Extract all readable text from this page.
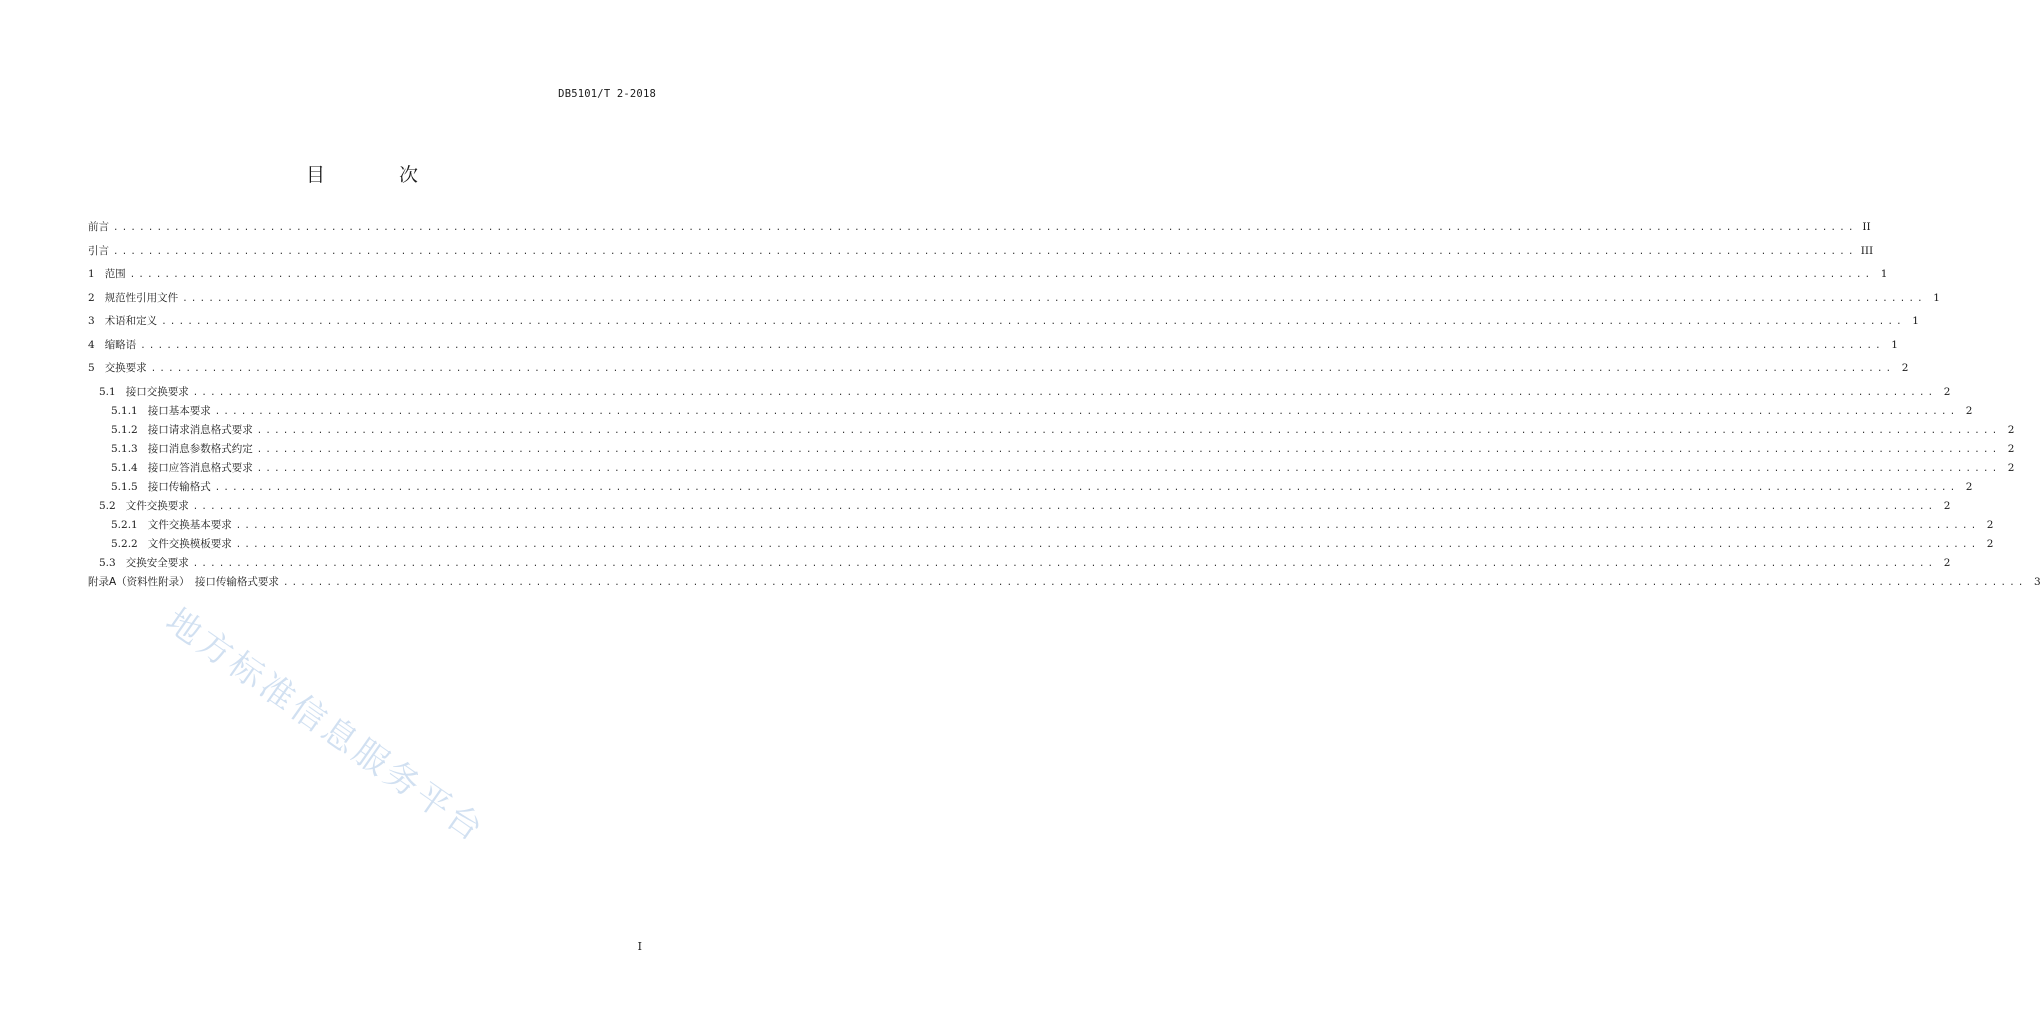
DB5101/T 2-2018
目 次
前言 ........................................................................................................................................................................................................ II
引言 ........................................................................................................................................................................................................ III
1 范围 ........................................................................................................................................................................................................ 1
2 规范性引用文件 ........................................................................................................................................................................................................ 1
3 术语和定义 ........................................................................................................................................................................................................ 1
4 缩略语 ........................................................................................................................................................................................................ 1
5 交换要求 ........................................................................................................................................................................................................ 2
5.1 接口交换要求 ........................................................................................................................................................................................................ 2
5.1.1 接口基本要求 ........................................................................................................................................................................................................ 2
5.1.2 接口请求消息格式要求 ........................................................................................................................................................................................................ 2
5.1.3 接口消息参数格式约定 ........................................................................................................................................................................................................ 2
5.1.4 接口应答消息格式要求 ........................................................................................................................................................................................................ 2
5.1.5 接口传输格式 ........................................................................................................................................................................................................ 2
5.2 文件交换要求 ........................................................................................................................................................................................................ 2
5.2.1 文件交换基本要求 ........................................................................................................................................................................................................ 2
5.2.2 文件交换模板要求 ........................................................................................................................................................................................................ 2
5.3 交换安全要求 ........................................................................................................................................................................................................ 2
附录A（资料性附录）　接口传输格式要求 ........................................................................................................................................................................................................ 3
地方标准信息服务平台
I
